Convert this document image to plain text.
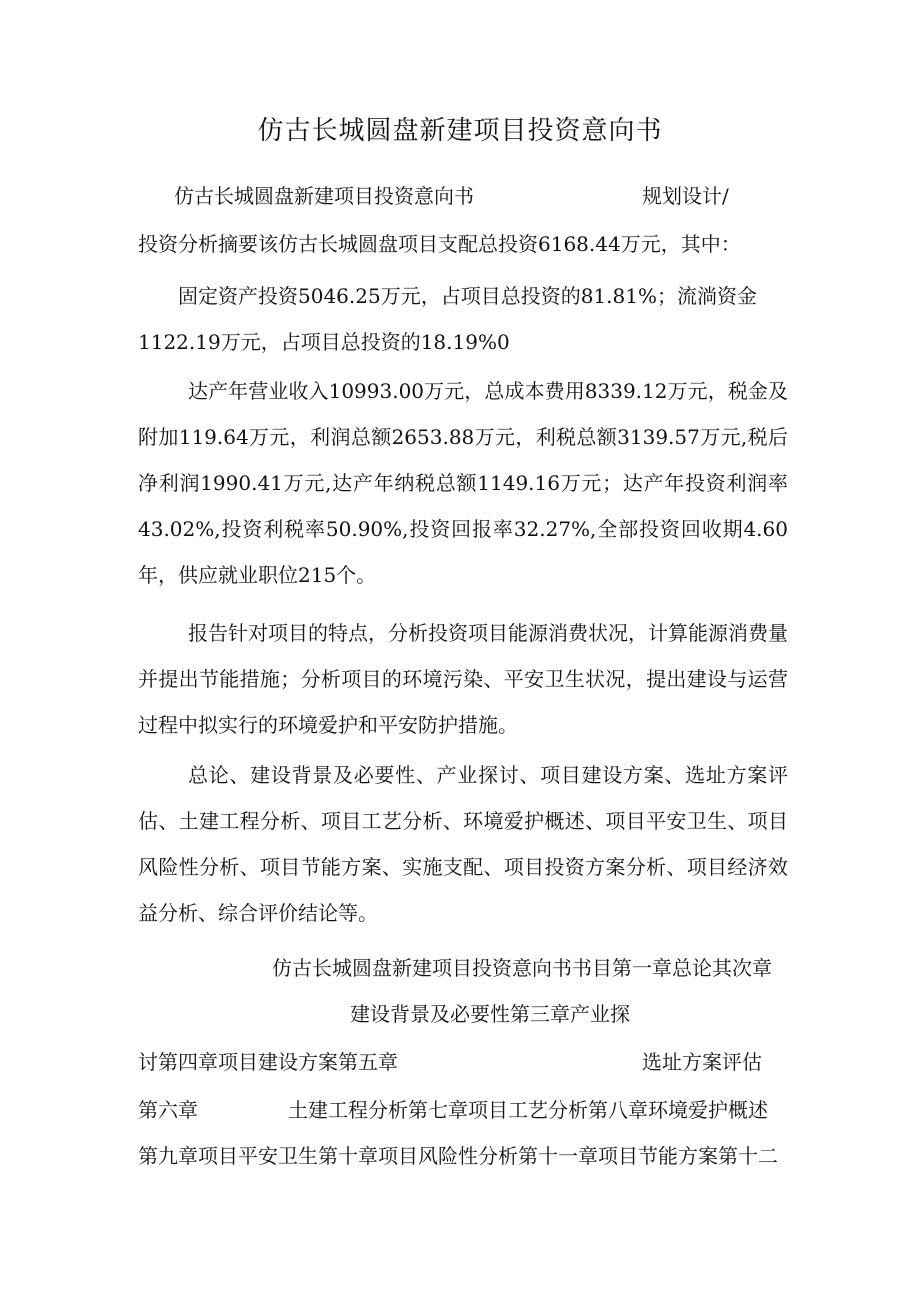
仿古长城圆盘新建项目投资意向书
仿古长城圆盘新建项目投资意向书	规划设计/
投资分析摘要该仿古长城圆盘项目支配总投资6168.44万元，其中：
固定资产投资5046.25万元，占项目总投资的81.81%；流淌资金
1122.19万元，占项目总投资的18.19%0
达产年营业收入10993.00万元，总成本费用8339.12万元，税金及附加119.64万元，利润总额2653.88万元，利税总额3139.57万元,税后净利润1990.41万元,达产年纳税总额1149.16万元；达产年投资利润率43.02%,投资利税率50.90%,投资回报率32.27%,全部投资回收期4.60年，供应就业职位215个。
报告针对项目的特点，分析投资项目能源消费状况，计算能源消费量并提出节能措施；分析项目的环境污染、平安卫生状况，提出建设与运营过程中拟实行的环境爱护和平安防护措施。
总论、建设背景及必要性、产业探讨、项目建设方案、选址方案评估、土建工程分析、项目工艺分析、环境爱护概述、项目平安卫生、项目风险性分析、项目节能方案、实施支配、项目投资方案分析、项目经济效益分析、综合评价结论等。
仿古长城圆盘新建项目投资意向书书目第一章总论其次章
建设背景及必要性第三章产业探
讨第四章项目建设方案第五章	选址方案评估
第六章	土建工程分析第七章项目工艺分析第八章环境爱护概述
第九章项目平安卫生第十章项目风险性分析第十一章项目节能方案第十二
